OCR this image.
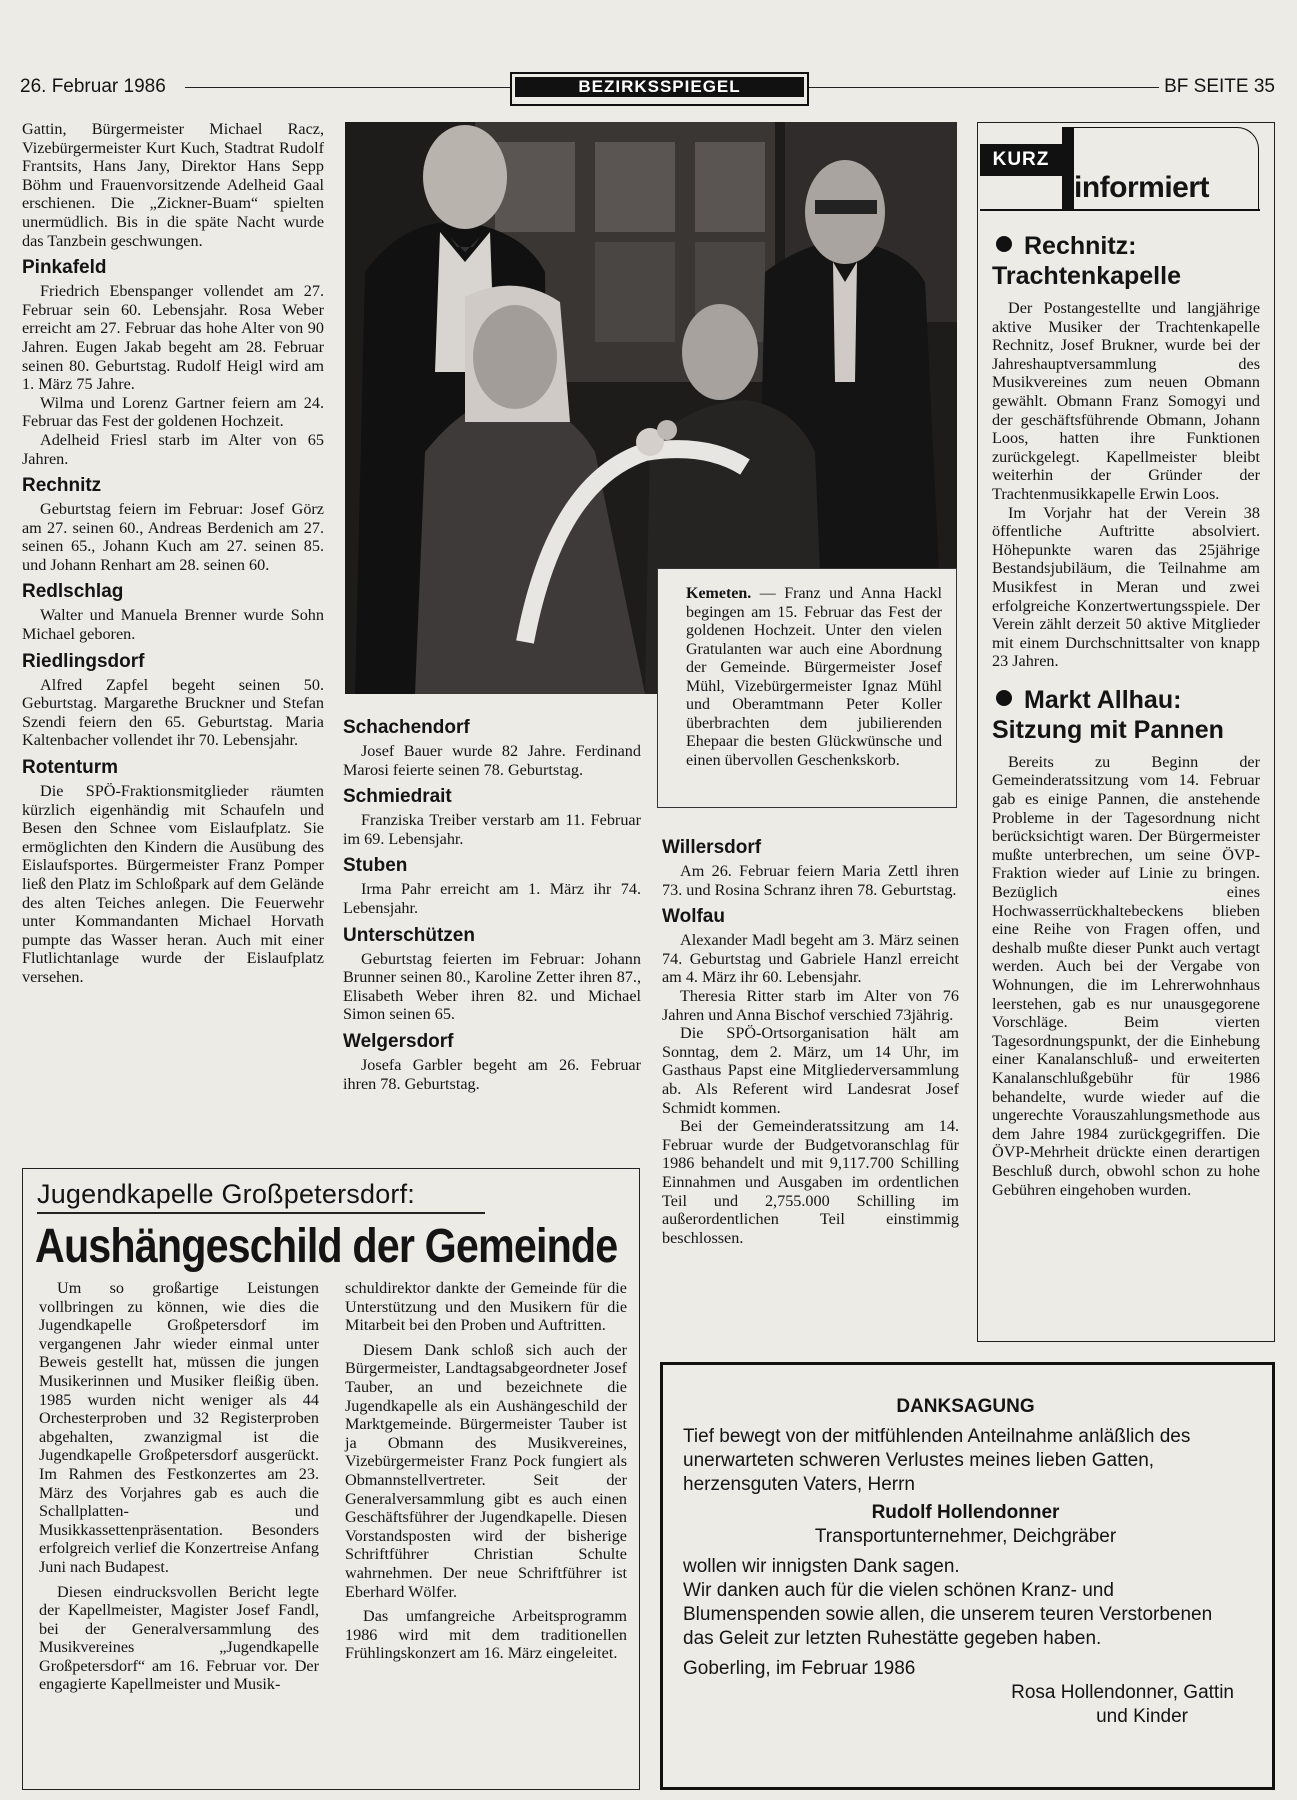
26. Februar 1986	BEZIRKSSPIEGEL	BF SEITE 35

Gattin, Bürgermeister Michael Racz, Vizebürgermeister Kurt Kuch, Stadtrat Rudolf Frantsits, Hans Jany, Direktor Hans Sepp Böhm und Frauenvorsitzende Adelheid Gaal erschienen. Die „Zickner-Buam“ spielten unermüdlich. Bis in die späte Nacht wurde das Tanzbein geschwungen.

Pinkafeld

Friedrich Ebenspanger vollendet am 27. Februar sein 60. Lebensjahr. Rosa Weber erreicht am 27. Februar das hohe Alter von 90 Jahren. Eugen Jakab begeht am 28. Februar seinen 80. Geburtstag. Rudolf Heigl wird am 1. März 75 Jahre.

Wilma und Lorenz Gartner feiern am 24. Februar das Fest der goldenen Hochzeit.

Adelheid Friesl starb im Alter von 65 Jahren.

Rechnitz

Geburtstag feiern im Februar: Josef Görz am 27. seinen 60., Andreas Berdenich am 27. seinen 65., Johann Kuch am 27. seinen 85. und Johann Renhart am 28. seinen 60.

Redlschlag

Walter und Manuela Brenner wurde Sohn Michael geboren.

Riedlingsdorf

Alfred Zapfel begeht seinen 50. Geburtstag. Margarethe Bruckner und Stefan Szendi feiern den 65. Geburtstag. Maria Kaltenbacher vollendet ihr 70. Lebensjahr.

Rotenturm

Die SPÖ-Fraktionsmitglieder räumten kürzlich eigenhändig mit Schaufeln und Besen den Schnee vom Eislaufplatz. Sie ermöglichten den Kindern die Ausübung des Eislaufsportes. Bürgermeister Franz Pomper ließ den Platz im Schloßpark auf dem Gelände des alten Teiches anlegen. Die Feuerwehr unter Kommandanten Michael Horvath pumpte das Wasser heran. Auch mit einer Flutlichtanlage wurde der Eislaufplatz versehen.

Kemeten. — Franz und Anna Hackl begingen am 15. Februar das Fest der goldenen Hochzeit. Unter den vielen Gratulanten war auch eine Abordnung der Gemeinde. Bürgermeister Josef Mühl, Vizebürgermeister Ignaz Mühl und Oberamtmann Peter Koller überbrachten dem jubilierenden Ehepaar die besten Glückwünsche und einen übervollen Geschenkskorb.
Schachendorf

Josef Bauer wurde 82 Jahre. Ferdinand Marosi feierte seinen 78. Geburtstag.

Schmiedrait

Franziska Treiber verstarb am 11. Februar im 69. Lebensjahr.

Stuben

Irma Pahr erreicht am 1. März ihr 74. Lebensjahr.

Unterschützen

Geburtstag feierten im Februar: Johann Brunner seinen 80., Karoline Zetter ihren 87., Elisabeth Weber ihren 82. und Michael Simon seinen 65.

Welgersdorf

Josefa Garbler begeht am 26. Februar ihren 78. Geburtstag.

Willersdorf

Am 26. Februar feiern Maria Zettl ihren 73. und Rosina Schranz ihren 78. Geburtstag.

Wolfau

Alexander Madl begeht am 3. März seinen 74. Geburtstag und Gabriele Hanzl erreicht am 4. März ihr 60. Lebensjahr.

Theresia Ritter starb im Alter von 76 Jahren und Anna Bischof verschied 73jährig.

Die SPÖ-Ortsorganisation hält am Sonntag, dem 2. März, um 14 Uhr, im Gasthaus Papst eine Mitgliederversammlung ab. Als Referent wird Landesrat Josef Schmidt kommen.

Bei der Gemeinderatssitzung am 14. Februar wurde der Budgetvoranschlag für 1986 behandelt und mit 9,117.700 Schilling Einnahmen und Ausgaben im ordentlichen Teil und 2,755.000 Schilling im außerordentlichen Teil einstimmig beschlossen.

KURZ
informiert
Rechnitz: Trachtenkapelle

Der Postangestellte und langjährige aktive Musiker der Trachtenkapelle Rechnitz, Josef Brukner, wurde bei der Jahreshauptversammlung des Musikvereines zum neuen Obmann gewählt. Obmann Franz Somogyi und der geschäftsführende Obmann, Johann Loos, hatten ihre Funktionen zurückgelegt. Kapellmeister bleibt weiterhin der Gründer der Trachtenmusikkapelle Erwin Loos.

Im Vorjahr hat der Verein 38 öffentliche Auftritte absolviert. Höhepunkte waren das 25jährige Bestandsjubiläum, die Teilnahme am Musikfest in Meran und zwei erfolgreiche Konzertwertungsspiele. Der Verein zählt derzeit 50 aktive Mitglieder mit einem Durchschnittsalter von knapp 23 Jahren.

Markt Allhau: Sitzung mit Pannen

Bereits zu Beginn der Gemeinderatssitzung vom 14. Februar gab es einige Pannen, die anstehende Probleme in der Tagesordnung nicht berücksichtigt waren. Der Bürgermeister mußte unterbrechen, um seine ÖVP-Fraktion wieder auf Linie zu bringen. Bezüglich eines Hochwasserrückhaltebeckens blieben eine Reihe von Fragen offen, und deshalb mußte dieser Punkt auch vertagt werden. Auch bei der Vergabe von Wohnungen, die im Lehrerwohnhaus leerstehen, gab es nur unausgegorene Vorschläge. Beim vierten Tagesordnungspunkt, der die Einhebung einer Kanalanschluß- und erweiterten Kanalanschlußgebühr für 1986 behandelte, wurde wieder auf die ungerechte Vorauszahlungsmethode aus dem Jahre 1984 zurückgegriffen. Die ÖVP-Mehrheit drückte einen derartigen Beschluß durch, obwohl schon zu hohe Gebühren eingehoben wurden.

Jugendkapelle Großpetersdorf:
Aushängeschild der Gemeinde

Um so großartige Leistungen vollbringen zu können, wie dies die Jugendkapelle Großpetersdorf im vergangenen Jahr wieder einmal unter Beweis gestellt hat, müssen die jungen Musikerinnen und Musiker fleißig üben. 1985 wurden nicht weniger als 44 Orchesterproben und 32 Registerproben abgehalten, zwanzigmal ist die Jugendkapelle Großpetersdorf ausgerückt. Im Rahmen des Festkonzertes am 23. März des Vorjahres gab es auch die Schallplatten- und Musikkassettenpräsentation. Besonders erfolgreich verlief die Konzertreise Anfang Juni nach Budapest.

Diesen eindrucksvollen Bericht legte der Kapellmeister, Magister Josef Fandl, bei der Generalversammlung des Musikvereines „Jugendkapelle Großpetersdorf“ am 16. Februar vor. Der engagierte Kapellmeister und Musik-

schuldirektor dankte der Gemeinde für die Unterstützung und den Musikern für die Mitarbeit bei den Proben und Auftritten.

Diesem Dank schloß sich auch der Bürgermeister, Landtagsabgeordneter Josef Tauber, an und bezeichnete die Jugendkapelle als ein Aushängeschild der Marktgemeinde. Bürgermeister Tauber ist ja Obmann des Musikvereines, Vizebürgermeister Franz Pock fungiert als Obmannstellvertreter. Seit der Generalversammlung gibt es auch einen Geschäftsführer der Jugendkapelle. Diesen Vorstandsposten wird der bisherige Schriftführer Christian Schulte wahrnehmen. Der neue Schriftführer ist Eberhard Wölfer.

Das umfangreiche Arbeitsprogramm 1986 wird mit dem traditionellen Frühlingskonzert am 16. März eingeleitet.

DANKSAGUNG
Tief bewegt von der mitfühlenden Anteilnahme anläßlich des unerwarteten schweren Verlustes meines lieben Gatten, herzensguten Vaters, Herrn
Rudolf Hollendonner
Transportunternehmer, Deichgräber
wollen wir innigsten Dank sagen.
Wir danken auch für die vielen schönen Kranz- und Blumenspenden sowie allen, die unserem teuren Verstorbenen das Geleit zur letzten Ruhestätte gegeben haben.
Goberling, im Februar 1986
Rosa Hollendonner, Gattin
und Kinder
